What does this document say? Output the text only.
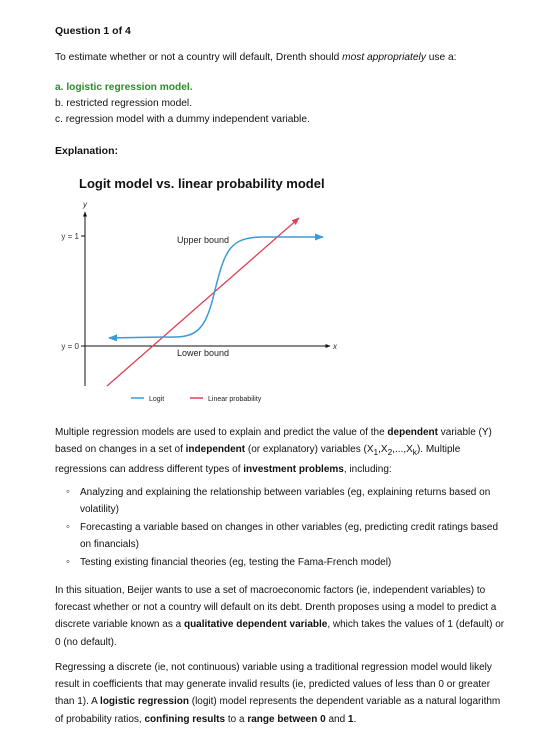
Question 1 of 4
To estimate whether or not a country will default, Drenth should most appropriately use a:
a. logistic regression model.
b. restricted regression model.
c. regression model with a dummy independent variable.
Explanation:
Logit model vs. linear probability model
y
x
y = 1
y = 0
Upper bound
Lower bound
Logit	Linear probability
Multiple regression models are used to explain and predict the value of the dependent variable (Y) based on changes in a set of independent (or explanatory) variables $(X_1,X_2,...,X_k)$. Multiple regressions can address different types of investment problems, including:
◦ Analyzing and explaining the relationship between variables (eg, explaining returns based on volatility)
◦ Forecasting a variable based on changes in other variables (eg, predicting credit ratings based on financials)
◦ Testing existing financial theories (eg, testing the Fama-French model)
In this situation, Beijer wants to use a set of macroeconomic factors (ie, independent variables) to forecast whether or not a country will default on its debt. Drenth proposes using a model to predict a discrete variable known as a qualitative dependent variable, which takes the values of 1 (default) or 0 (no default).
Regressing a discrete (ie, not continuous) variable using a traditional regression model would likely result in coefficients that may generate invalid results (ie, predicted values of less than 0 or greater than 1). A logistic regression (logit) model represents the dependent variable as a natural logarithm of probability ratios, confining results to a range between 0 and 1.
